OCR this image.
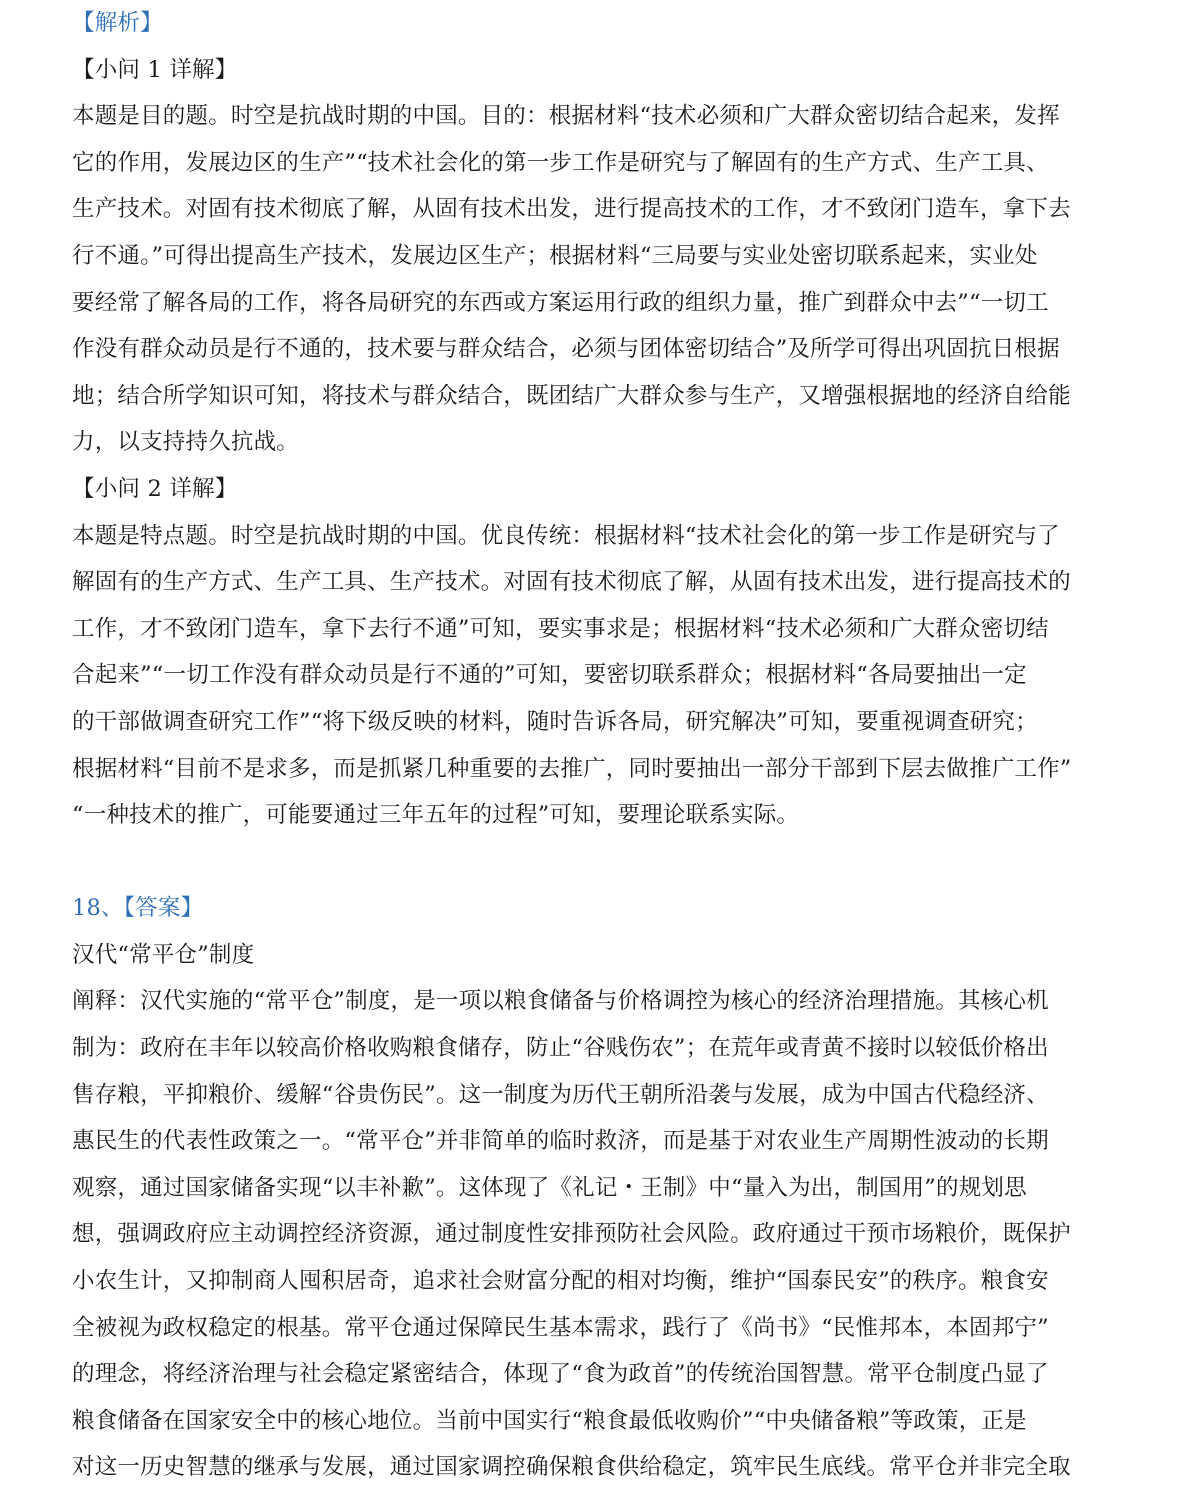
【解析】
【小问 1 详解】
本题是目的题。时空是抗战时期的中国。目的：根据材料“技术必须和广大群众密切结合起来，发挥
它的作用，发展边区的生产”“技术社会化的第一步工作是研究与了解固有的生产方式、生产工具、
生产技术。对固有技术彻底了解，从固有技术出发，进行提高技术的工作，才不致闭门造车，拿下去
行不通。”可得出提高生产技术，发展边区生产；根据材料“三局要与实业处密切联系起来，实业处
要经常了解各局的工作，将各局研究的东西或方案运用行政的组织力量，推广到群众中去”“一切工
作没有群众动员是行不通的，技术要与群众结合，必须与团体密切结合”及所学可得出巩固抗日根据
地；结合所学知识可知，将技术与群众结合，既团结广大群众参与生产，又增强根据地的经济自给能
力，以支持持久抗战。
【小问 2 详解】
本题是特点题。时空是抗战时期的中国。优良传统：根据材料“技术社会化的第一步工作是研究与了
解固有的生产方式、生产工具、生产技术。对固有技术彻底了解，从固有技术出发，进行提高技术的
工作，才不致闭门造车，拿下去行不通”可知，要实事求是；根据材料“技术必须和广大群众密切结
合起来”“一切工作没有群众动员是行不通的”可知，要密切联系群众；根据材料“各局要抽出一定
的干部做调查研究工作”“将下级反映的材料，随时告诉各局，研究解决”可知，要重视调查研究；
根据材料“目前不是求多，而是抓紧几种重要的去推广，同时要抽出一部分干部到下层去做推广工作”
“一种技术的推广，可能要通过三年五年的过程”可知，要理论联系实际。
18、【答案】
汉代“常平仓”制度
阐释：汉代实施的“常平仓”制度，是一项以粮食储备与价格调控为核心的经济治理措施。其核心机
制为：政府在丰年以较高价格收购粮食储存，防止“谷贱伤农”；在荒年或青黄不接时以较低价格出
售存粮，平抑粮价、缓解“谷贵伤民”。这一制度为历代王朝所沿袭与发展，成为中国古代稳经济、
惠民生的代表性政策之一。“常平仓”并非简单的临时救济，而是基于对农业生产周期性波动的长期
观察，通过国家储备实现“以丰补歉”。这体现了《礼记・王制》中“量入为出，制国用”的规划思
想，强调政府应主动调控经济资源，通过制度性安排预防社会风险。政府通过干预市场粮价，既保护
小农生计，又抑制商人囤积居奇，追求社会财富分配的相对均衡，维护“国泰民安”的秩序。粮食安
全被视为政权稳定的根基。常平仓通过保障民生基本需求，践行了《尚书》“民惟邦本，本固邦宁”
的理念，将经济治理与社会稳定紧密结合，体现了“食为政首”的传统治国智慧。常平仓制度凸显了
粮食储备在国家安全中的核心地位。当前中国实行“粮食最低收购价”“中央储备粮”等政策，正是
对这一历史智慧的继承与发展，通过国家调控确保粮食供给稳定，筑牢民生底线。常平仓并非完全取
